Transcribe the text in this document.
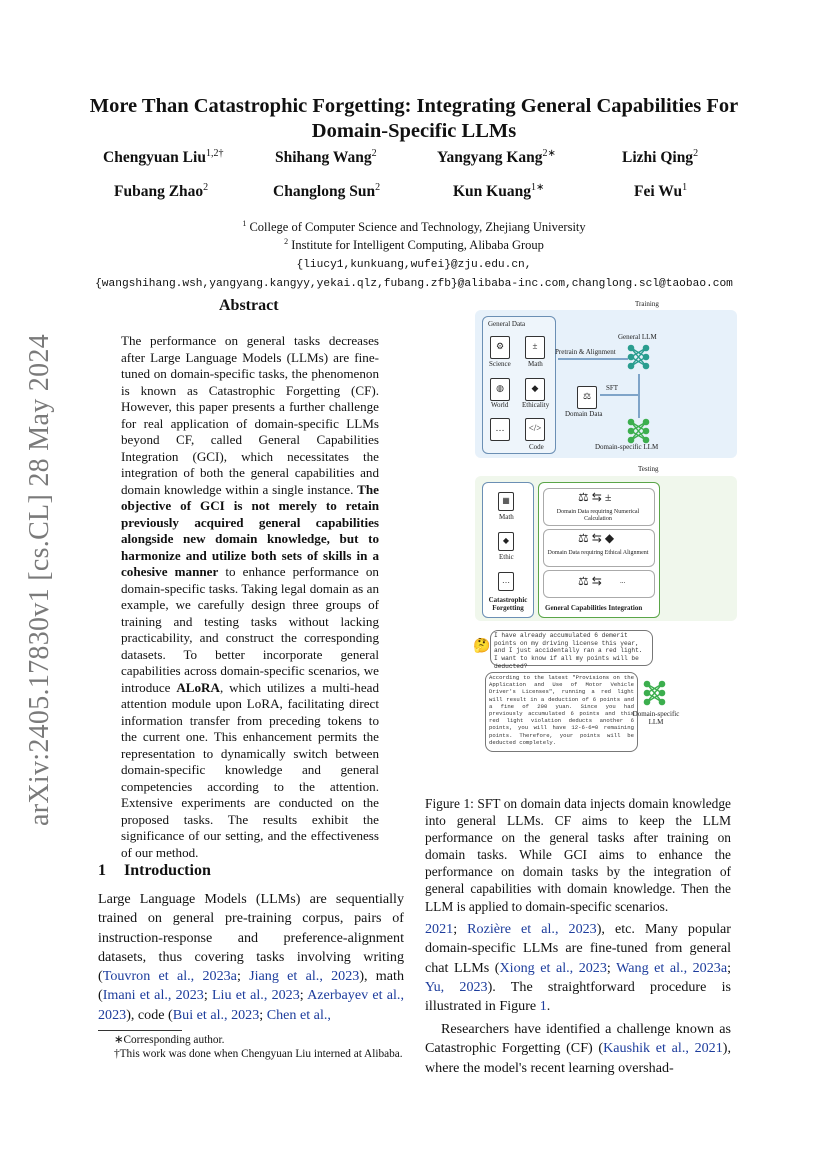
arXiv:2405.17830v1 [cs.CL] 28 May 2024
More Than Catastrophic Forgetting: Integrating General Capabilities For Domain-Specific LLMs
Chengyuan Liu$^{1,2\dagger}$	Shihang Wang$^2$	Yangyang Kang$^{2∗}$	Lizhi Qing$^2$
Fubang Zhao$^2$	Changlong Sun$^2$	Kun Kuang$^{1∗}$	Fei Wu$^1$
$^1$ College of Computer Science and Technology, Zhejiang University
$^2$ Institute for Intelligent Computing, Alibaba Group
{liucy1,kunkuang,wufei}@zju.edu.cn,
{wangshihang.wsh,yangyang.kangyy,yekai.qlz,fubang.zfb}@alibaba-inc.com,changlong.scl@taobao.com
Abstract
The performance on general tasks decreases after Large Language Models (LLMs) are fine-tuned on domain-specific tasks, the phenomenon is known as Catastrophic Forgetting (CF). However, this paper presents a further challenge for real application of domain-specific LLMs beyond CF, called General Capabilities Integration (GCI), which necessitates the integration of both the general capabilities and domain knowledge within a single instance. The objective of GCI is not merely to retain previously acquired general capabilities alongside new domain knowledge, but to harmonize and utilize both sets of skills in a cohesive manner to enhance performance on domain-specific tasks. Taking legal domain as an example, we carefully design three groups of training and testing tasks without lacking practicability, and construct the corresponding datasets. To better incorporate general capabilities across domain-specific scenarios, we introduce ALoRA, which utilizes a multi-head attention module upon LoRA, facilitating direct information transfer from preceding tokens to the current one. This enhancement permits the representation to dynamically switch between domain-specific knowledge and general competencies according to the attention. Extensive experiments are conducted on the proposed tasks. The results exhibit the significance of our setting, and the effectiveness of our method.
1 Introduction
Large Language Models (LLMs) are sequentially trained on general pre-training corpus, pairs of instruction-response and preference-alignment datasets, thus covering tasks involving writing (Touvron et al., 2023a; Jiang et al., 2023), math (Imani et al., 2023; Liu et al., 2023; Azerbayev et al., 2023), code (Bui et al., 2023; Chen et al.,
∗Corresponding author.
†This work was done when Chengyuan Liu interned at Alibaba.
2021; Rozière et al., 2023), etc. Many popular domain-specific LLMs are fine-tuned from general chat LLMs (Xiong et al., 2023; Wang et al., 2023a; Yu, 2023). The straightforward procedure is illustrated in Figure 1.
Researchers have identified a challenge known as Catastrophic Forgetting (CF) (Kaushik et al., 2021), where the model's recent learning overshad-
Training
General Data
⚙	±
Science Math
◍	◆
World Ethicality
…	</>
Code
General LLM
Pretrain & Alignment
⚖
SFT
Domain Data
Domain-specific LLM
Testing
▦
Math
◆
Ethic
…
Catastrophic Forgetting
⚖ ⇆ ±
Domain Data requiring Numerical Calculation
⚖ ⇆ ◆
Domain Data requiring Ethical Alignment
⚖ ⇆	...
General Capabilities Integration
🤔
I have already accumulated 6 demerit points on my driving license this year, and I just accidentally ran a red light. I want to know if all my points will be deducted?
According to the latest "Provisions on the Application and Use of Motor Vehicle Driver's Licenses", running a red light will result in a deduction of 6 points and a fine of 200 yuan. Since you had previously accumulated 6 points and this red light violation deducts another 6 points, you will have 12-6-6=0 remaining points. Therefore, your points will be deducted completely.
Domain-specific LLM
Figure 1: SFT on domain data injects domain knowledge into general LLMs. CF aims to keep the LLM performance on the general tasks after training on domain tasks. While GCI aims to enhance the performance on domain tasks by the integration of general capabilities with domain knowledge. Then the LLM is applied to domain-specific scenarios.
